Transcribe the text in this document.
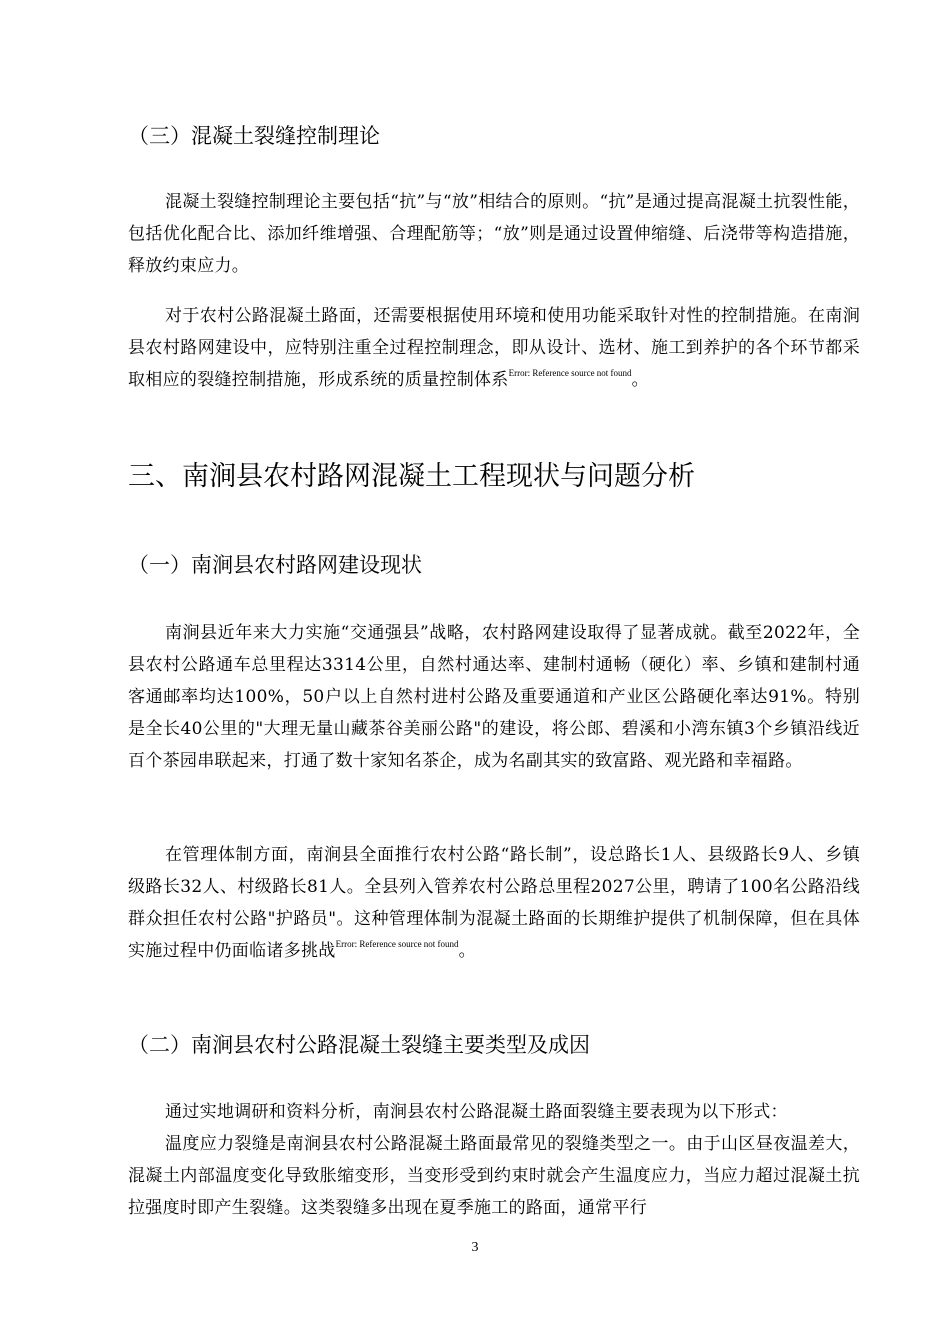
（三）混凝土裂缝控制理论

混凝土裂缝控制理论主要包括“抗”与“放”相结合的原则。“抗”是通过提高混凝土抗裂性能，包括优化配合比、添加纤维增强、合理配筋等；“放”则是通过设置伸缩缝、后浇带等构造措施，释放约束应力。

对于农村公路混凝土路面，还需要根据使用环境和使用功能采取针对性的控制措施。在南涧县农村路网建设中，应特别注重全过程控制理念，即从设计、选材、施工到养护的各个环节都采取相应的裂缝控制措施，形成系统的质量控制体系$^{Error: Reference source not found}$。

三、南涧县农村路网混凝土工程现状与问题分析
（一）南涧县农村路网建设现状

南涧县近年来大力实施“交通强县”战略，农村路网建设取得了显著成就。截至2022年，全县农村公路通车总里程达3314公里，自然村通达率、建制村通畅（硬化）率、乡镇和建制村通客通邮率均达100%，50户以上自然村进村公路及重要通道和产业区公路硬化率达91%。特别是全长40公里的"大理无量山藏茶谷美丽公路"的建设，将公郎、碧溪和小湾东镇3个乡镇沿线近百个茶园串联起来，打通了数十家知名茶企，成为名副其实的致富路、观光路和幸福路。

在管理体制方面，南涧县全面推行农村公路“路长制”，设总路长1人、县级路长9人、乡镇级路长32人、村级路长81人。全县列入管养农村公路总里程2027公里，聘请了100名公路沿线群众担任农村公路"护路员"。这种管理体制为混凝土路面的长期维护提供了机制保障，但在具体实施过程中仍面临诸多挑战$^{Error: Reference source not found}$。

（二）南涧县农村公路混凝土裂缝主要类型及成因

通过实地调研和资料分析，南涧县农村公路混凝土路面裂缝主要表现为以下形式：

温度应力裂缝是南涧县农村公路混凝土路面最常见的裂缝类型之一。由于山区昼夜温差大，混凝土内部温度变化导致胀缩变形，当变形受到约束时就会产生温度应力，当应力超过混凝土抗拉强度时即产生裂缝。这类裂缝多出现在夏季施工的路面，通常平行

3
